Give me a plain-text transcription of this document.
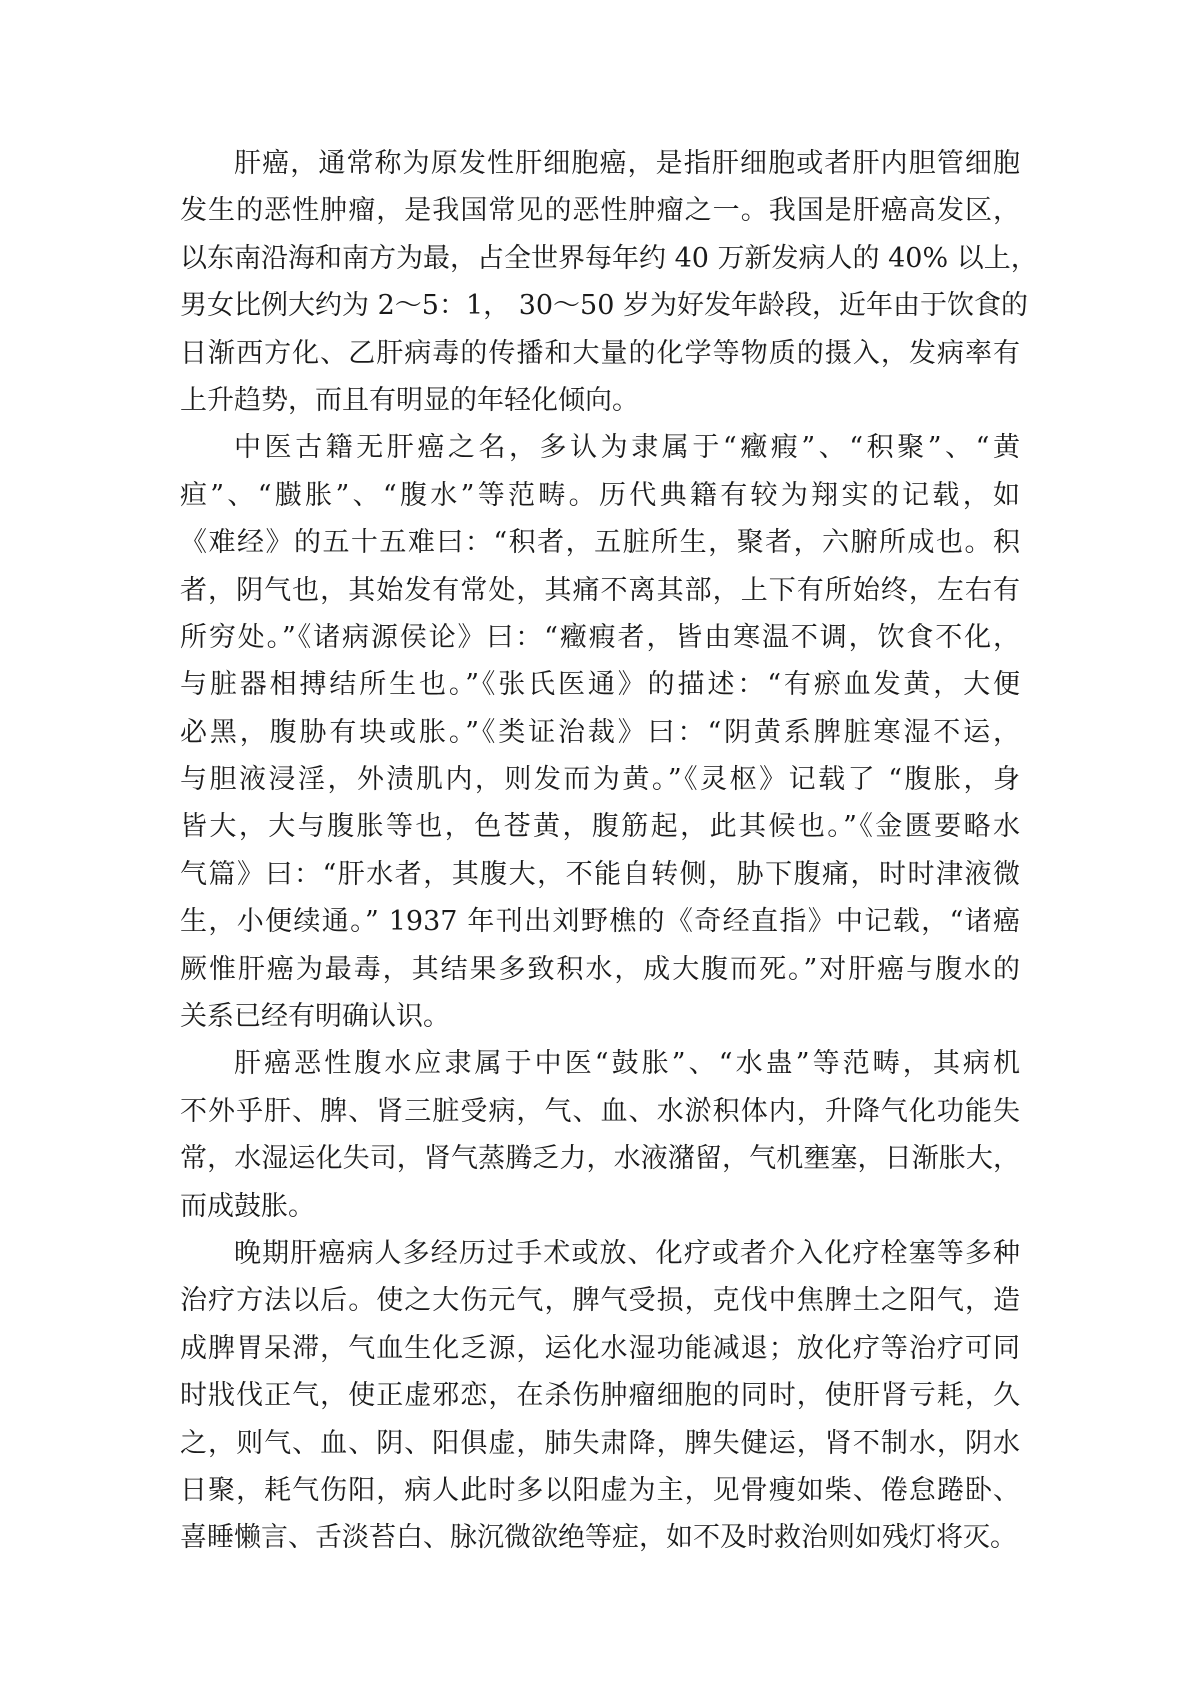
肝癌，通常称为原发性肝细胞癌，是指肝细胞或者肝内胆管细胞
发生的恶性肿瘤，是我国常见的恶性肿瘤之一。我国是肝癌高发区，
以东南沿海和南方为最，占全世界每年约 40 万新发病人的 40% 以上，
男女比例大约为 2～5：1， 30～50 岁为好发年龄段，近年由于饮食的
日渐西方化、乙肝病毒的传播和大量的化学等物质的摄入，发病率有
上升趋势，而且有明显的年轻化倾向。
中医古籍无肝癌之名，多认为隶属于“癥瘕”、“积聚”、“黄
疸”、“臌胀”、“腹水”等范畴。历代典籍有较为翔实的记载，如
《难经》的五十五难曰：“积者，五脏所生，聚者，六腑所成也。积
者，阴气也，其始发有常处，其痛不离其部，上下有所始终，左右有
所穷处。”《诸病源侯论》曰：“癥瘕者，皆由寒温不调，饮食不化，
与脏器相搏结所生也。”《张氏医通》的描述：“有瘀血发黄，大便
必黑，腹胁有块或胀。”《类证治裁》曰：“阴黄系脾脏寒湿不运，
与胆液浸淫，外渍肌内，则发而为黄。”《灵枢》记载了 “腹胀，身
皆大，大与腹胀等也，色苍黄，腹筋起，此其候也。”《金匮要略水
气篇》曰：“肝水者，其腹大，不能自转侧，胁下腹痛，时时津液微
生，小便续通。” 1937 年刊出刘野樵的《奇经直指》中记载，“诸癌
厥惟肝癌为最毒，其结果多致积水，成大腹而死。”对肝癌与腹水的
关系已经有明确认识。
肝癌恶性腹水应隶属于中医“鼓胀”、“水蛊”等范畴，其病机
不外乎肝、脾、肾三脏受病，气、血、水淤积体内，升降气化功能失
常，水湿运化失司，肾气蒸腾乏力，水液潴留，气机壅塞，日渐胀大，
而成鼓胀。
晚期肝癌病人多经历过手术或放、化疗或者介入化疗栓塞等多种
治疗方法以后。使之大伤元气，脾气受损，克伐中焦脾土之阳气，造
成脾胃呆滞，气血生化乏源，运化水湿功能减退；放化疗等治疗可同
时戕伐正气，使正虚邪恋，在杀伤肿瘤细胞的同时，使肝肾亏耗，久
之，则气、血、阴、阳俱虚，肺失肃降，脾失健运，肾不制水，阴水
日聚，耗气伤阳，病人此时多以阳虚为主，见骨瘦如柴、倦怠踡卧、
喜睡懒言、舌淡苔白、脉沉微欲绝等症，如不及时救治则如残灯将灭。
